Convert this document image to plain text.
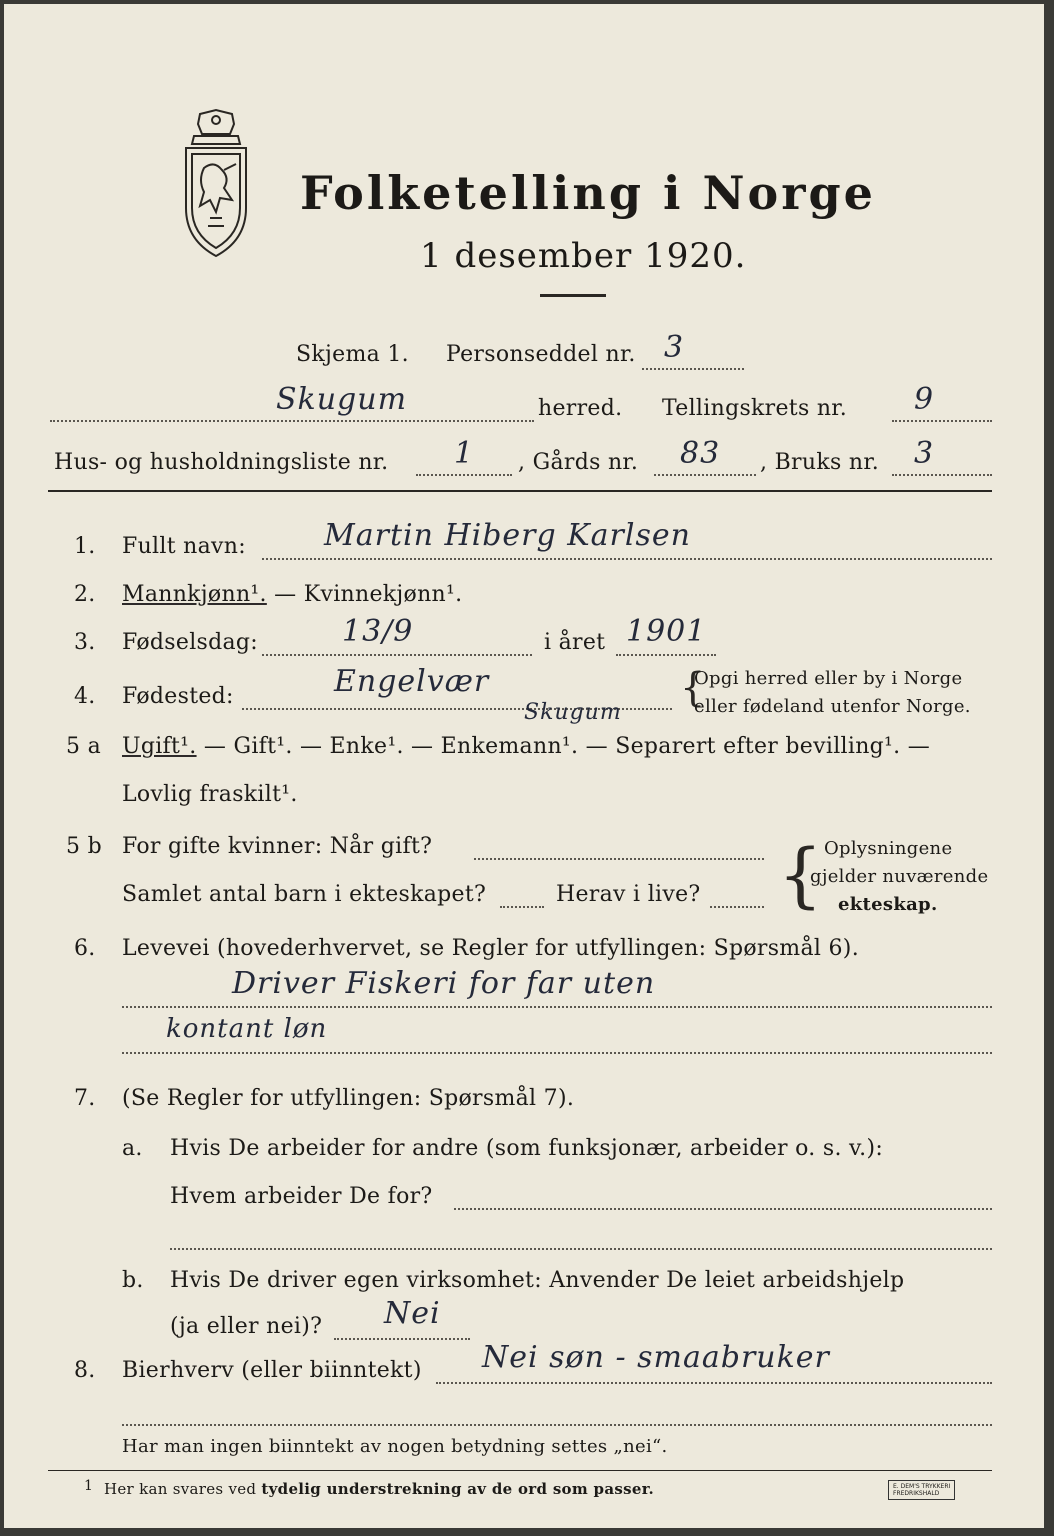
Folketelling i Norge
1 desember 1920.
Skjema 1. Personseddel nr. 3
Skugum	herred. Tellingskrets nr. 9
Hus- og husholdningsliste nr. 1 , Gårds nr. 83 , Bruks nr. 3
1. Fullt navn:	Martin Hiberg Karlsen
2. Mannkjønn¹. — Kvinnekjønn¹.
3. Fødselsdag:	13/9	i året 1901
4. Fødested:	Engelvær
Skugum
{
Opgi herred eller by i Norge
eller fødeland utenfor Norge.
5 a Ugift¹. — Gift¹. — Enke¹. — Enkemann¹. — Separert efter bevilling¹. —
Lovlig fraskilt¹.
5 b For gifte kvinner: Når gift?
Samlet antal barn i ekteskapet?	Herav i live? { Oplysningene
gjelder nuværende
ekteskap.
6. Levevei (hovederhvervet, se Regler for utfyllingen: Spørsmål 6).
Driver Fiskeri for far uten
kontant løn
7. (Se Regler for utfyllingen: Spørsmål 7).
a. Hvis De arbeider for andre (som funksjonær, arbeider o. s. v.):
Hvem arbeider De for?
b. Hvis De driver egen virksomhet: Anvender De leiet arbeidshjelp
(ja eller nei)? Nei
8. Bierhverv (eller biinntekt) Nei søn - smaabruker
Har man ingen biinntekt av nogen betydning settes „nei“.
1 Her kan svares ved tydelig understrekning av de ord som passer.	E. DEM'S TRYKKERI
FREDRIKSHALD
